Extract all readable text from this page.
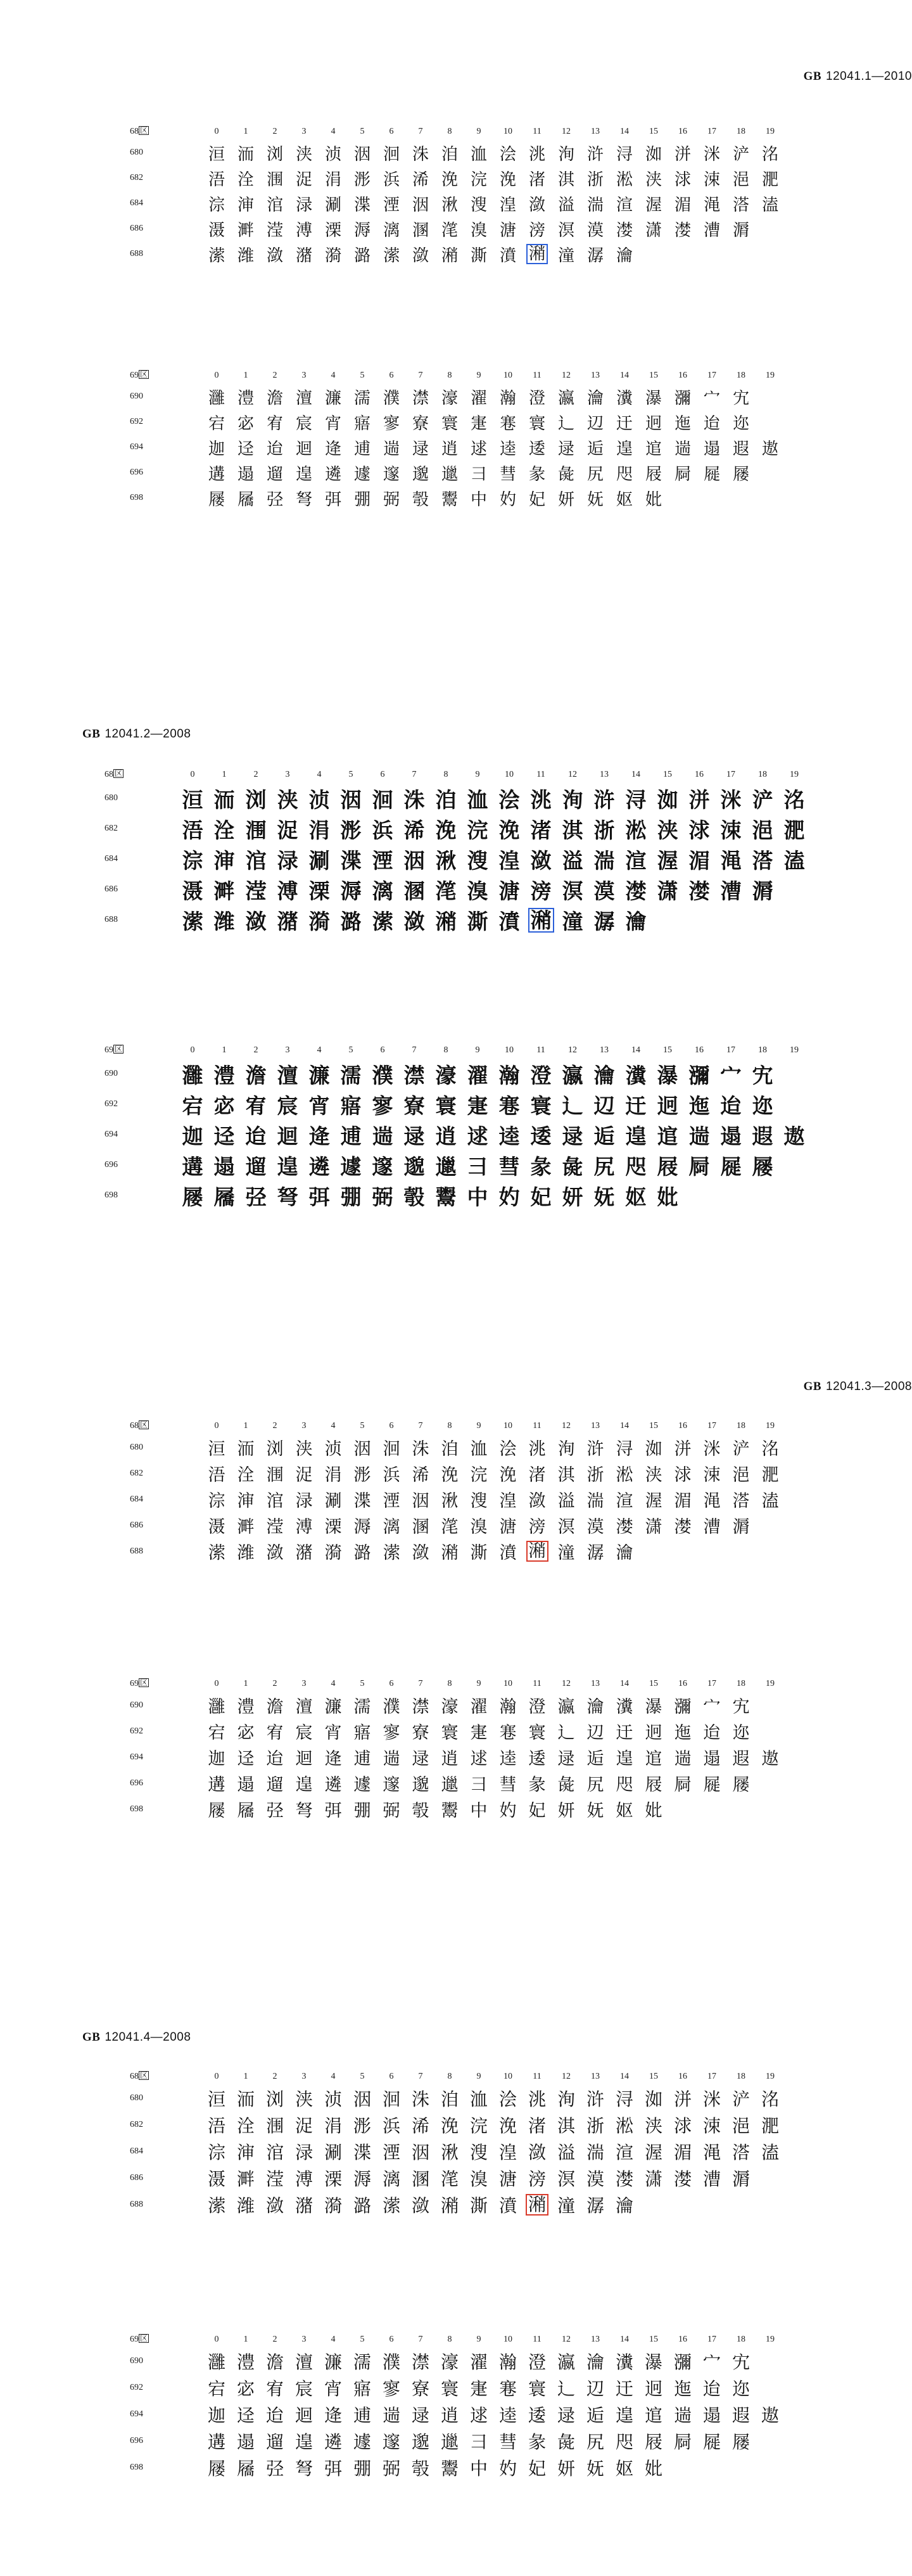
GB 12041.1—2010
68 区	0	1	2	3	4	5	6	7	8	9	10	11	12	13	14	15	16	17	18	19
680	洹	洏	浏	浃	浈	洇	洄	洙	洎	洫	浍	洮	洵	浒	浔	洳	洴	洣	浐	洺
682	浯	洤	涠	浞	涓	浵	浜	浠	浼	浣	浼	渚	淇	浙	淞	浃	浗	涑	浥	淝
684	淙	渖	涫	渌	涮	渫	湮	洇	湫	溲	湟	潋	溢	湍	渲	渥	湄	渑	溚	溘
686	滠	溿	滢	溥	溧	溽	漓	溷	滗	溴	溏	滂	溟	漠	漤	潇	漤	漕	漘	
688	潆	潍	潋	潴	漪	潞	潆	潋	潲	澌	濆	潲	潼	潺	瀹					
69 区	0	1	2	3	4	5	6	7	8	9	10	11	12	13	14	15	16	17	18	19
690	灉	澧	澹	澶	濂	濡	濮	澿	濠	濯	瀚	澄	瀛	瀹	瀵	瀑	瀰	宀	宄	
692	宕	宓	宥	宸	宵	寤	寥	寮	寰	寁	寋	寰	辶	辺	迀	迥	迤	迨	迩	
694	迦	迳	迨	迴	逄	逋	遄	逯	逍	逑	逵	逶	逯	逅	遑	逭	遄	遢	遐	遨
696	遘	遢	遛	遑	遴	遽	邃	邈	邋	彐	彗	彖	彘	尻	咫	屐	屙	屣	屦	
698	屦	屩	弪	弩	弭	弸	弼	彀	鬻	中	妁	妃	妍	妩	妪	妣				
GB 12041.2—2008
68 区	0	1	2	3	4	5	6	7	8	9	10	11	12	13	14	15	16	17	18	19
680	洹	洏	浏	浃	浈	洇	洄	洙	洎	洫	浍	洮	洵	浒	浔	洳	洴	洣	浐	洺
682	浯	洤	涠	浞	涓	浵	浜	浠	浼	浣	浼	渚	淇	浙	淞	浃	浗	涑	浥	淝
684	淙	渖	涫	渌	涮	渫	湮	洇	湫	溲	湟	潋	溢	湍	渲	渥	湄	渑	溚	溘
686	滠	溿	滢	溥	溧	溽	漓	溷	滗	溴	溏	滂	溟	漠	漤	潇	漤	漕	漘	
688	潆	潍	潋	潴	漪	潞	潆	潋	潲	澌	濆	潲	潼	潺	瀹					
69 区	0	1	2	3	4	5	6	7	8	9	10	11	12	13	14	15	16	17	18	19
690	灉	澧	澹	澶	濂	濡	濮	澿	濠	濯	瀚	澄	瀛	瀹	瀵	瀑	瀰	宀	宄	
692	宕	宓	宥	宸	宵	寤	寥	寮	寰	寁	寋	寰	辶	辺	迀	迥	迤	迨	迩	
694	迦	迳	迨	迴	逄	逋	遄	逯	逍	逑	逵	逶	逯	逅	遑	逭	遄	遢	遐	遨
696	遘	遢	遛	遑	遴	遽	邃	邈	邋	彐	彗	彖	彘	尻	咫	屐	屙	屣	屦	
698	屦	屩	弪	弩	弭	弸	弼	彀	鬻	中	妁	妃	妍	妩	妪	妣				
GB 12041.3—2008
68 区	0	1	2	3	4	5	6	7	8	9	10	11	12	13	14	15	16	17	18	19
680	洹	洏	浏	浃	浈	洇	洄	洙	洎	洫	浍	洮	洵	浒	浔	洳	洴	洣	浐	洺
682	浯	洤	涠	浞	涓	浵	浜	浠	浼	浣	浼	渚	淇	浙	淞	浃	浗	涑	浥	淝
684	淙	渖	涫	渌	涮	渫	湮	洇	湫	溲	湟	潋	溢	湍	渲	渥	湄	渑	溚	溘
686	滠	溿	滢	溥	溧	溽	漓	溷	滗	溴	溏	滂	溟	漠	漤	潇	漤	漕	漘	
688	潆	潍	潋	潴	漪	潞	潆	潋	潲	澌	濆	潲	潼	潺	瀹					
69 区	0	1	2	3	4	5	6	7	8	9	10	11	12	13	14	15	16	17	18	19
690	灉	澧	澹	澶	濂	濡	濮	澿	濠	濯	瀚	澄	瀛	瀹	瀵	瀑	瀰	宀	宄	
692	宕	宓	宥	宸	宵	寤	寥	寮	寰	寁	寋	寰	辶	辺	迀	迥	迤	迨	迩	
694	迦	迳	迨	迴	逄	逋	遄	逯	逍	逑	逵	逶	逯	逅	遑	逭	遄	遢	遐	遨
696	遘	遢	遛	遑	遴	遽	邃	邈	邋	彐	彗	彖	彘	尻	咫	屐	屙	屣	屦	
698	屦	屩	弪	弩	弭	弸	弼	彀	鬻	中	妁	妃	妍	妩	妪	妣				
GB 12041.4—2008
68 区	0	1	2	3	4	5	6	7	8	9	10	11	12	13	14	15	16	17	18	19
680	洹	洏	浏	浃	浈	洇	洄	洙	洎	洫	浍	洮	洵	浒	浔	洳	洴	洣	浐	洺
682	浯	洤	涠	浞	涓	浵	浜	浠	浼	浣	浼	渚	淇	浙	淞	浃	浗	涑	浥	淝
684	淙	渖	涫	渌	涮	渫	湮	洇	湫	溲	湟	潋	溢	湍	渲	渥	湄	渑	溚	溘
686	滠	溿	滢	溥	溧	溽	漓	溷	滗	溴	溏	滂	溟	漠	漤	潇	漤	漕	漘	
688	潆	潍	潋	潴	漪	潞	潆	潋	潲	澌	濆	潲	潼	潺	瀹					
69 区	0	1	2	3	4	5	6	7	8	9	10	11	12	13	14	15	16	17	18	19
690	灉	澧	澹	澶	濂	濡	濮	澿	濠	濯	瀚	澄	瀛	瀹	瀵	瀑	瀰	宀	宄	
692	宕	宓	宥	宸	宵	寤	寥	寮	寰	寁	寋	寰	辶	辺	迀	迥	迤	迨	迩	
694	迦	迳	迨	迴	逄	逋	遄	逯	逍	逑	逵	逶	逯	逅	遑	逭	遄	遢	遐	遨
696	遘	遢	遛	遑	遴	遽	邃	邈	邋	彐	彗	彖	彘	尻	咫	屐	屙	屣	屦	
698	屦	屩	弪	弩	弭	弸	弼	彀	鬻	中	妁	妃	妍	妩	妪	妣				
